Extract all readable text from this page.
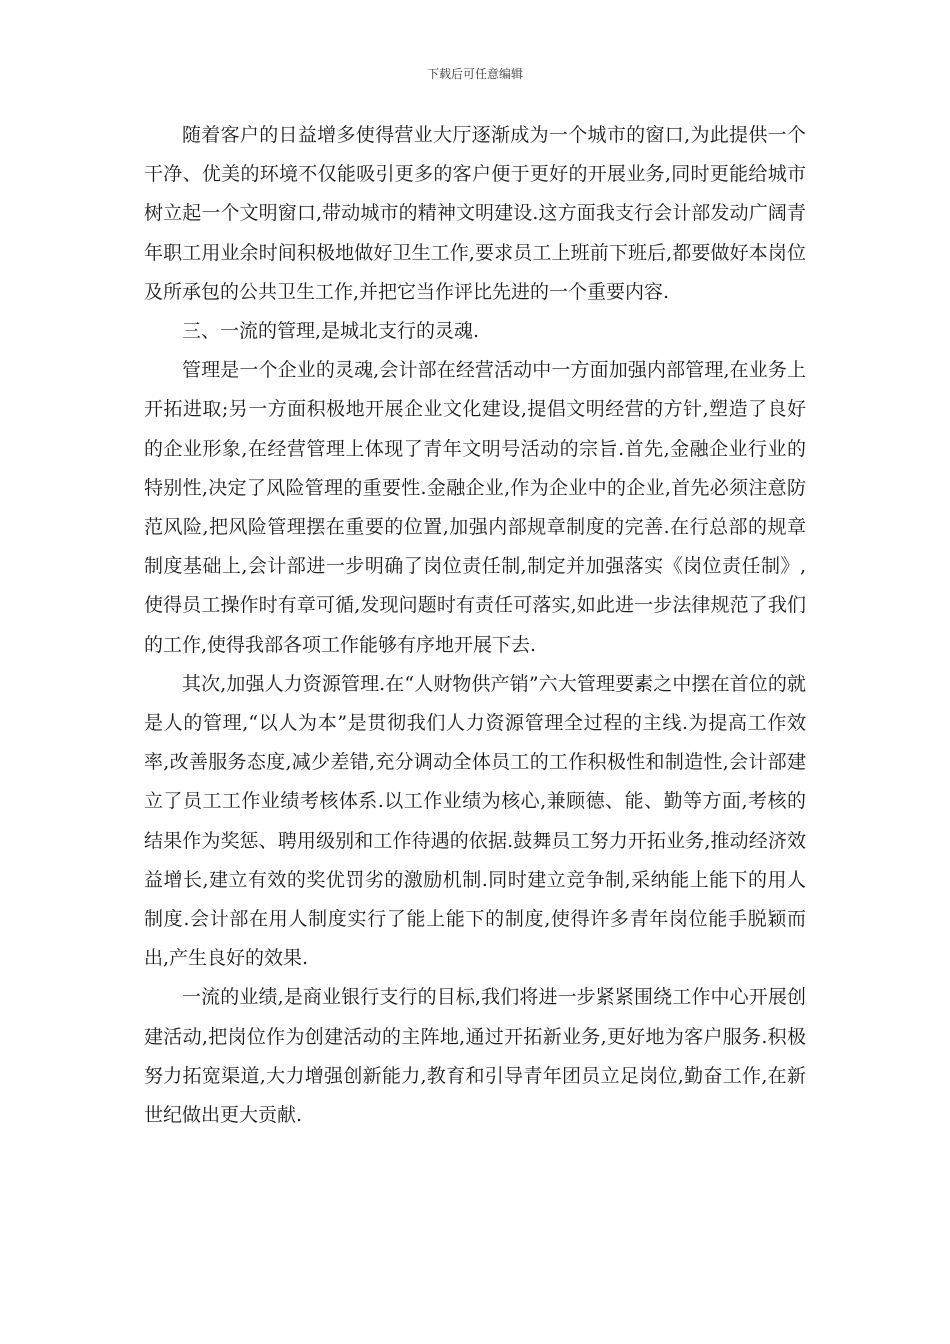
下载后可任意编辑

随着客户的日益增多使得营业大厅逐渐成为一个城市的窗口,为此提供一个干净、优美的环境不仅能吸引更多的客户便于更好的开展业务,同时更能给城市树立起一个文明窗口,带动城市的精神文明建设.这方面我支行会计部发动广阔青年职工用业余时间积极地做好卫生工作,要求员工上班前下班后,都要做好本岗位及所承包的公共卫生工作,并把它当作评比先进的一个重要内容.

三、一流的管理,是城北支行的灵魂.

管理是一个企业的灵魂,会计部在经营活动中一方面加强内部管理,在业务上开拓进取;另一方面积极地开展企业文化建设,提倡文明经营的方针,塑造了良好的企业形象,在经营管理上体现了青年文明号活动的宗旨.首先,金融企业行业的特别性,决定了风险管理的重要性.金融企业,作为企业中的企业,首先必须注意防范风险,把风险管理摆在重要的位置,加强内部规章制度的完善.在行总部的规章制度基础上,会计部进一步明确了岗位责任制,制定并加强落实《岗位责任制》,使得员工操作时有章可循,发现问题时有责任可落实,如此进一步法律规范了我们的工作,使得我部各项工作能够有序地开展下去.

其次,加强人力资源管理.在“人财物供产销”六大管理要素之中摆在首位的就是人的管理,“以人为本”是贯彻我们人力资源管理全过程的主线.为提高工作效率,改善服务态度,减少差错,充分调动全体员工的工作积极性和制造性,会计部建立了员工工作业绩考核体系.以工作业绩为核心,兼顾德、能、勤等方面,考核的结果作为奖惩、聘用级别和工作待遇的依据.鼓舞员工努力开拓业务,推动经济效益增长,建立有效的奖优罚劣的激励机制.同时建立竞争制,采纳能上能下的用人制度.会计部在用人制度实行了能上能下的制度,使得许多青年岗位能手脱颖而出,产生良好的效果.

一流的业绩,是商业银行支行的目标,我们将进一步紧紧围绕工作中心开展创建活动,把岗位作为创建活动的主阵地,通过开拓新业务,更好地为客户服务.积极努力拓宽渠道,大力增强创新能力,教育和引导青年团员立足岗位,勤奋工作,在新世纪做出更大贡献.
